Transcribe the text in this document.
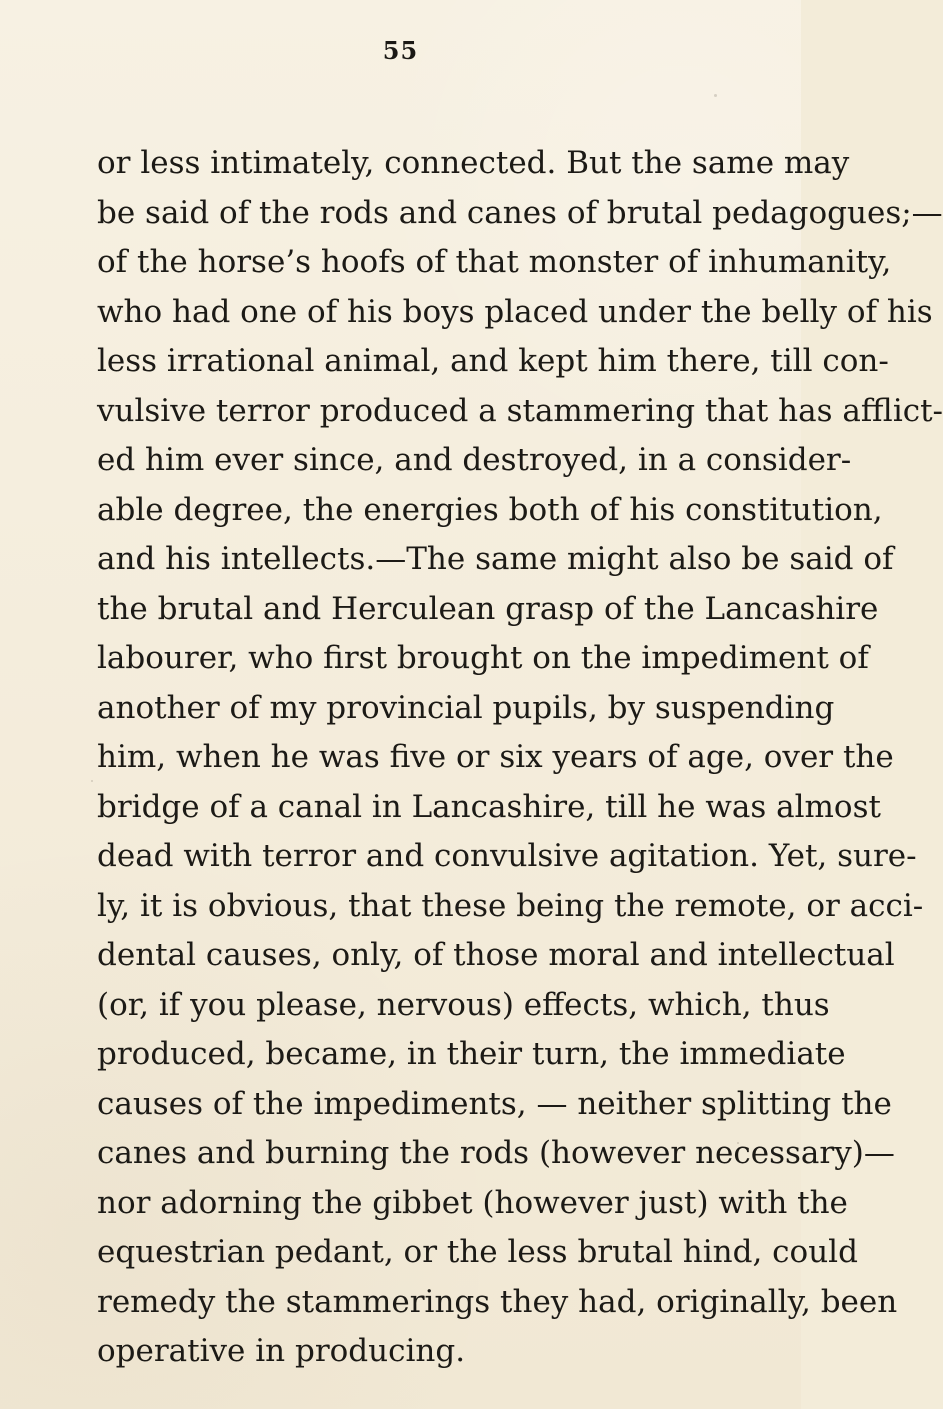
55
or less intimately, connected. But the same may
be said of the rods and canes of brutal pedagogues;—
of the horse’s hoofs of that monster of inhumanity,
who had one of his boys placed under the belly of his
less irrational animal, and kept him there, till con-
vulsive terror produced a stammering that has afflict-
ed him ever since, and destroyed, in a consider-
able degree, the energies both of his constitution,
and his intellects.—The same might also be said of
the brutal and Herculean grasp of the Lancashire
labourer, who first brought on the impediment of
another of my provincial pupils, by suspending
him, when he was five or six years of age, over the
bridge of a canal in Lancashire, till he was almost
dead with terror and convulsive agitation. Yet, sure-
ly, it is obvious, that these being the remote, or acci-
dental causes, only, of those moral and intellectual
(or, if you please, nervous) effects, which, thus
produced, became, in their turn, the immediate
causes of the impediments, — neither splitting the
canes and burning the rods (however necessary)—
nor adorning the gibbet (however just) with the
equestrian pedant, or the less brutal hind, could
remedy the stammerings they had, originally, been
operative in producing.
